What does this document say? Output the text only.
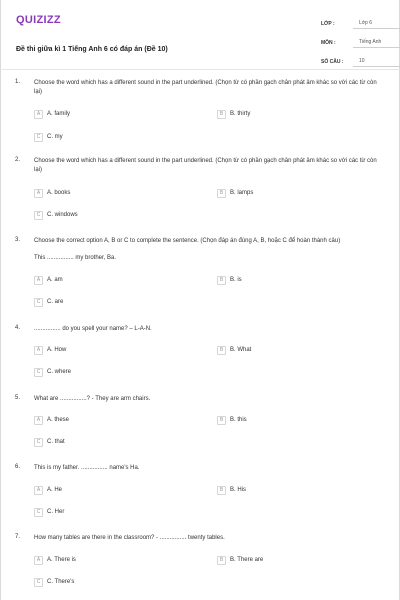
QUIZIZZ
Đề thi giữa kì 1 Tiếng Anh 6 có đáp án (Đề 10)
LỚP :	Lớp 6
MÔN :	Tiếng Anh
SỐ CÂU :	10
1. Choose the word which has a different sound in the part underlined. (Chọn từ có phần gạch chân phát âm khác so với các từ còn lại)
A	A. family	B	B. thirty
C	C. my
2. Choose the word which has a different sound in the part underlined. (Chọn từ có phần gạch chân phát âm khác so với các từ còn lại)
A	A. books	B	B. lamps
C	C. windows
3. Choose the correct option A, B or C to complete the sentence. (Chọn đáp án đúng A, B, hoặc C để hoàn thành câu)
This ................ my brother, Ba.
A	A. am	B	B. is
C	C. are
4. ................ do you spell your name? – L-A-N.
A	A. How	B	B. What
C	C. where
5. What are ................? - They are arm chairs.
A	A. these	B	B. this
C	C. that
6. This is my father. ................ name's Ha.
A	A. He	B	B. His
C	C. Her
7. How many tables are there in the classroom? - ................ twenty tables.
A	A. There is	B	B. There are
C	C. There's
